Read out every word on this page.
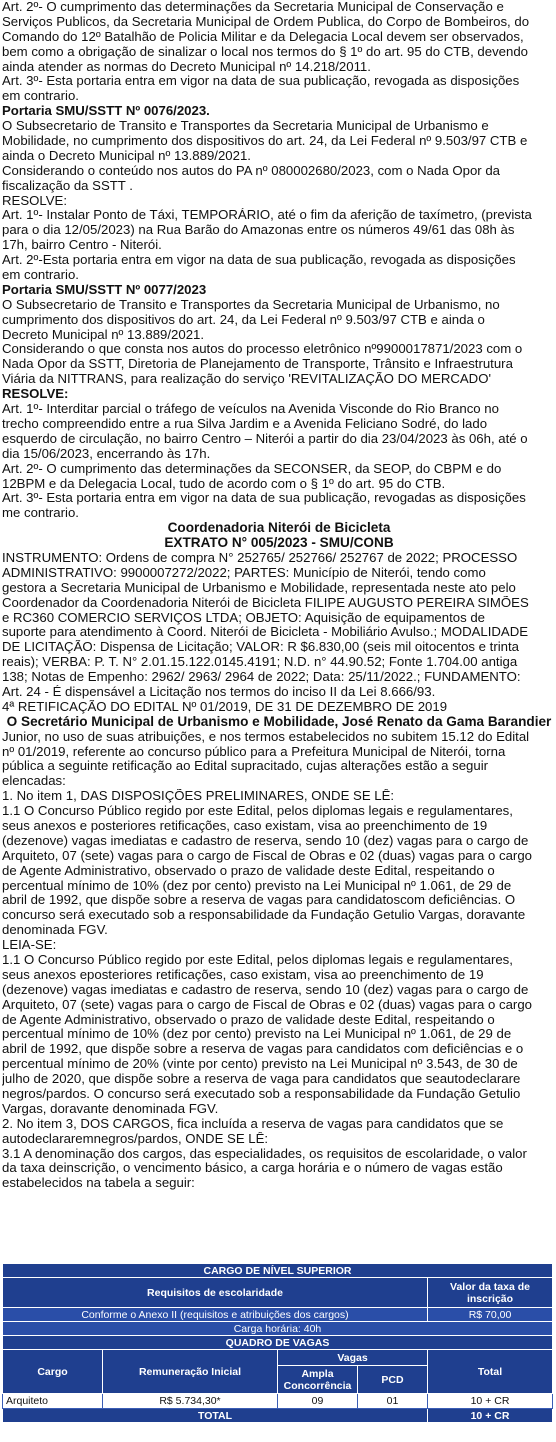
Art. 2º- O cumprimento das determinações da Secretaria Municipal de Conservação e
Serviços Publicos, da Secretaria Municipal de Ordem Publica, do Corpo de Bombeiros, do
Comando do 12º Batalhão de Policia Militar e da Delegacia Local devem ser observados,
bem como a obrigação de sinalizar o local nos termos do § 1º do art. 95 do CTB, devendo
ainda atender as normas do Decreto Municipal nº 14.218/2011.
Art. 3º- Esta portaria entra em vigor na data de sua publicação, revogada as disposições
em contrario.
Portaria SMU/SSTT Nº 0076/2023.
O Subsecretario de Transito e Transportes da Secretaria Municipal de Urbanismo e
Mobilidade, no cumprimento dos dispositivos do art. 24, da Lei Federal nº 9.503/97 CTB e
ainda o Decreto Municipal nº 13.889/2021.
Considerando o conteúdo nos autos do PA nº 080002680/2023, com o Nada Opor da
fiscalização da SSTT .
RESOLVE:
Art. 1º- Instalar Ponto de Táxi, TEMPORÁRIO, até o fim da aferição de taxímetro, (prevista
para o dia 12/05/2023) na Rua Barão do Amazonas entre os números 49/61 das 08h às
17h, bairro Centro - Niterói.
Art. 2º-Esta portaria entra em vigor na data de sua publicação, revogada as disposições
em contrario.
Portaria SMU/SSTT Nº 0077/2023
O Subsecretario de Transito e Transportes da Secretaria Municipal de Urbanismo, no
cumprimento dos dispositivos do art. 24, da Lei Federal nº 9.503/97 CTB e ainda o
Decreto Municipal nº 13.889/2021.
Considerando o que consta nos autos do processo eletrônico nº9900017871/2023 com o
Nada Opor da SSTT, Diretoria de Planejamento de Transporte, Trânsito e Infraestrutura
Viária da NITTRANS, para realização do serviço 'REVITALIZAÇÃO DO MERCADO'
RESOLVE:
Art. 1º- Interditar parcial o tráfego de veículos na Avenida Visconde do Rio Branco no
trecho compreendido entre a rua Silva Jardim e a Avenida Feliciano Sodré, do lado
esquerdo de circulação, no bairro Centro – Niterói a partir do dia 23/04/2023 às 06h, até o
dia 15/06/2023, encerrando às 17h.
Art. 2º- O cumprimento das determinações da SECONSER, da SEOP, do CBPM e do
12BPM e da Delegacia Local, tudo de acordo com o § 1º do art. 95 do CTB.
Art. 3º- Esta portaria entra em vigor na data de sua publicação, revogadas as disposições
me contrario.
Coordenadoria Niterói de Bicicleta
EXTRATO N° 005/2023 - SMU/CONB
INSTRUMENTO: Ordens de compra N° 252765/ 252766/ 252767 de 2022; PROCESSO
ADMINISTRATIVO: 9900007272/2022; PARTES: Município de Niterói, tendo como
gestora a Secretaria Municipal de Urbanismo e Mobilidade, representada neste ato pelo
Coordenador da Coordenadoria Niterói de Bicicleta FILIPE AUGUSTO PEREIRA SIMÕES
e RC360 COMERCIO SERVIÇOS LTDA; OBJETO: Aquisição de equipamentos de
suporte para atendimento à Coord. Niterói de Bicicleta - Mobiliário Avulso.; MODALIDADE
DE LICITAÇÃO: Dispensa de Licitação; VALOR: R $6.830,00 (seis mil oitocentos e trinta
reais); VERBA: P. T. N° 2.01.15.122.0145.4191; N.D. n° 44.90.52; Fonte 1.704.00 antiga
138; Notas de Empenho: 2962/ 2963/ 2964 de 2022; Data: 25/11/2022.; FUNDAMENTO:
Art. 24 - É dispensável a Licitação nos termos do inciso II da Lei 8.666/93.
4ª RETIFICAÇÃO DO EDITAL Nº 01/2019, DE 31 DE DEZEMBRO DE 2019
O Secretário Municipal de Urbanismo e Mobilidade, José Renato da Gama Barandier
Junior, no uso de suas atribuições, e nos termos estabelecidos no subitem 15.12 do Edital
nº 01/2019, referente ao concurso público para a Prefeitura Municipal de Niterói, torna
pública a seguinte retificação ao Edital supracitado, cujas alterações estão a seguir
elencadas:
1. No item 1, DAS DISPOSIÇÕES PRELIMINARES, ONDE SE LÊ:
1.1 O Concurso Público regido por este Edital, pelos diplomas legais e regulamentares,
seus anexos e posteriores retificações, caso existam, visa ao preenchimento de 19
(dezenove) vagas imediatas e cadastro de reserva, sendo 10 (dez) vagas para o cargo de
Arquiteto, 07 (sete) vagas para o cargo de Fiscal de Obras e 02 (duas) vagas para o cargo
de Agente Administrativo, observado o prazo de validade deste Edital, respeitando o
percentual mínimo de 10% (dez por cento) previsto na Lei Municipal nº 1.061, de 29 de
abril de 1992, que dispõe sobre a reserva de vagas para candidatoscom deficiências. O
concurso será executado sob a responsabilidade da Fundação Getulio Vargas, doravante
denominada FGV.
LEIA-SE:
1.1 O Concurso Público regido por este Edital, pelos diplomas legais e regulamentares,
seus anexos eposteriores retificações, caso existam, visa ao preenchimento de 19
(dezenove) vagas imediatas e cadastro de reserva, sendo 10 (dez) vagas para o cargo de
Arquiteto, 07 (sete) vagas para o cargo de Fiscal de Obras e 02 (duas) vagas para o cargo
de Agente Administrativo, observado o prazo de validade deste Edital, respeitando o
percentual mínimo de 10% (dez por cento) previsto na Lei Municipal nº 1.061, de 29 de
abril de 1992, que dispõe sobre a reserva de vagas para candidatos com deficiências e o
percentual mínimo de 20% (vinte por cento) previsto na Lei Municipal nº 3.543, de 30 de
julho de 2020, que dispõe sobre a reserva de vaga para candidatos que seautodeclarare
negros/pardos. O concurso será executado sob a responsabilidade da Fundação Getulio
Vargas, doravante denominada FGV.
2. No item 3, DOS CARGOS, fica incluída a reserva de vagas para candidatos que se
autodeclararemnegros/pardos, ONDE SE LÊ:
3.1 A denominação dos cargos, das especialidades, os requisitos de escolaridade, o valor
da taxa deinscrição, o vencimento básico, a carga horária e o número de vagas estão
estabelecidos na tabela a seguir:
CARGO DE NÍVEL SUPERIOR				
Requisitos de escolaridade				Valor da taxa de inscrição
Conforme o Anexo II (requisitos e atribuições dos cargos)				R$ 70,00
Carga horária: 40h				
QUADRO DE VAGAS				
Cargo	Remuneração Inicial	Vagas		Total
		Ampla Concorrência	PCD	
Arquiteto	R$ 5.734,30*	09	01	10 + CR
TOTAL				10 + CR
